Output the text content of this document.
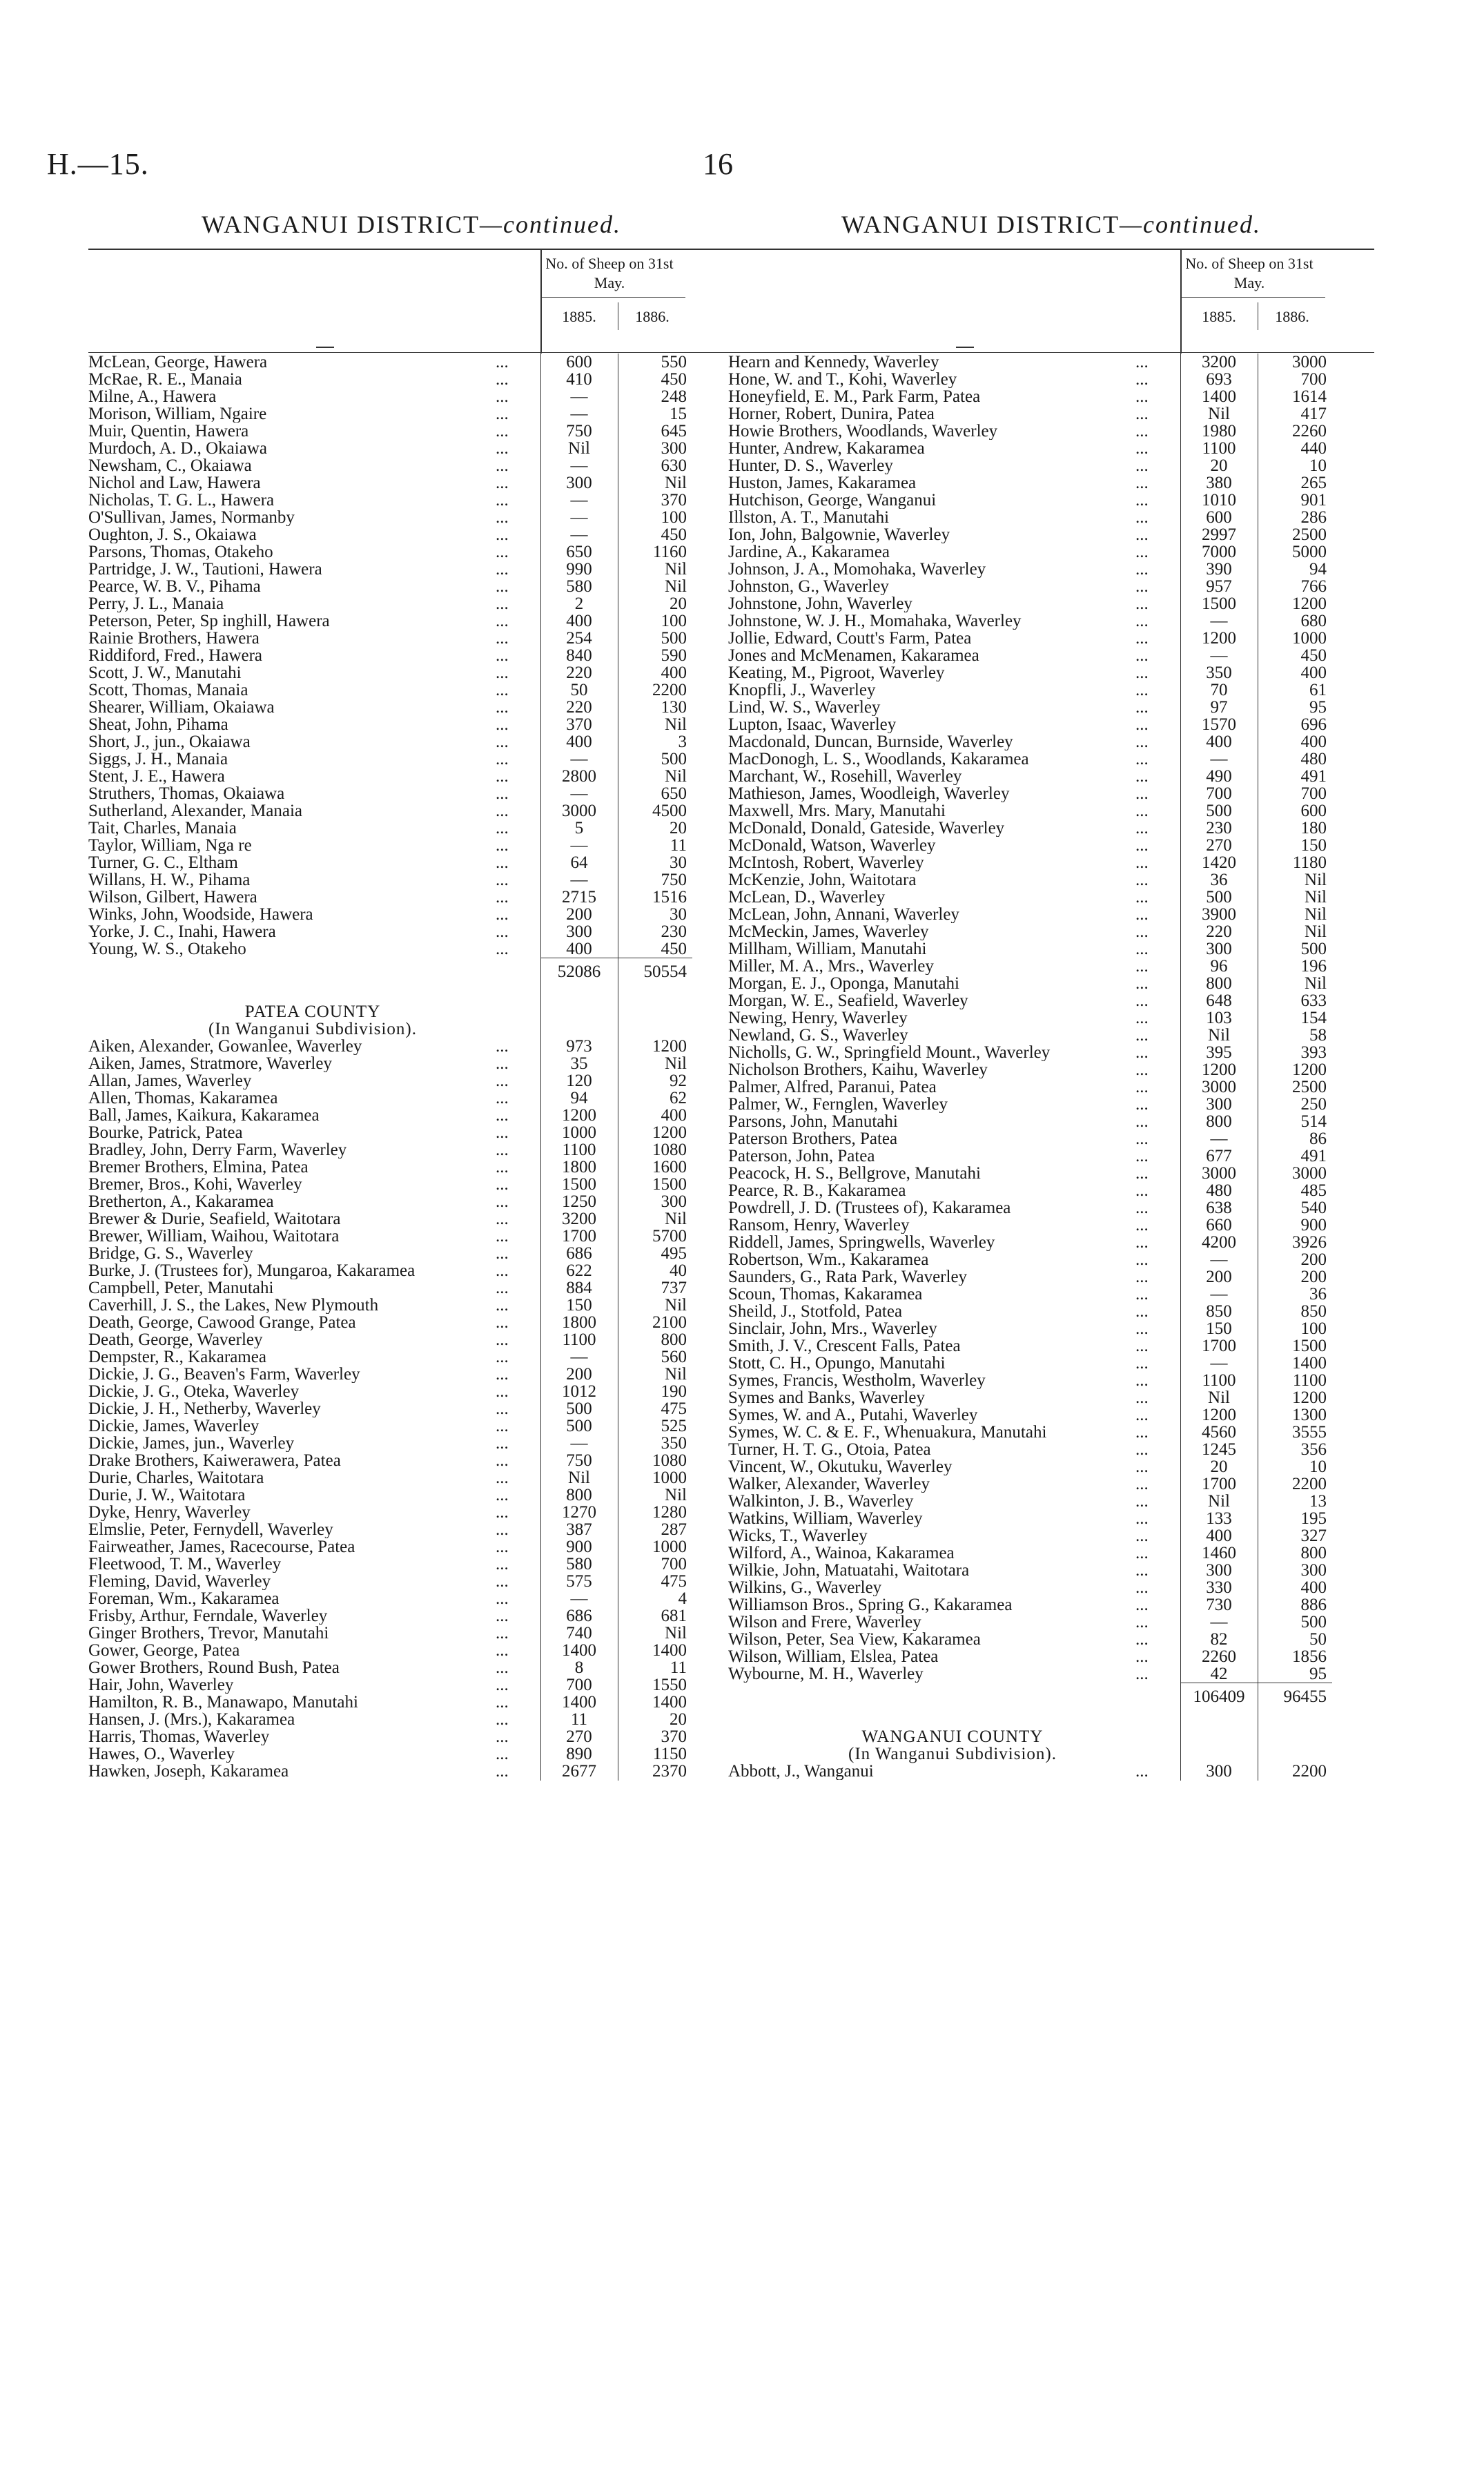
H.—15.	16
WANGANUI DISTRICT—continued.
No. of Sheep on 31st May.
1885.	1886.
McLean, George, Hawera	...	600	550
McRae, R. E., Manaia	...	410	450
Milne, A., Hawera	...	—	248
Morison, William, Ngaire	...	—	15
Muir, Quentin, Hawera	...	750	645
Murdoch, A. D., Okaiawa	...	Nil	300
Newsham, C., Okaiawa	...	—	630
Nichol and Law, Hawera	...	300	Nil
Nicholas, T. G. L., Hawera	...	—	370
O'Sullivan, James, Normanby	...	—	100
Oughton, J. S., Okaiawa	...	—	450
Parsons, Thomas, Otakeho	...	650	1160
Partridge, J. W., Tautioni, Hawera	...	990	Nil
Pearce, W. B. V., Pihama	...	580	Nil
Perry, J. L., Manaia	...	2	20
Peterson, Peter, Sp inghill, Hawera	...	400	100
Rainie Brothers, Hawera	...	254	500
Riddiford, Fred., Hawera	...	840	590
Scott, J. W., Manutahi	...	220	400
Scott, Thomas, Manaia	...	50	2200
Shearer, William, Okaiawa	...	220	130
Sheat, John, Pihama	...	370	Nil
Short, J., jun., Okaiawa	...	400	3
Siggs, J. H., Manaia	...	—	500
Stent, J. E., Hawera	...	2800	Nil
Struthers, Thomas, Okaiawa	...	—	650
Sutherland, Alexander, Manaia	...	3000	4500
Tait, Charles, Manaia	...	5	20
Taylor, William, Nga re	...	—	11
Turner, G. C., Eltham	...	64	30
Willans, H. W., Pihama	...	—	750
Wilson, Gilbert, Hawera	...	2715	1516
Winks, John, Woodside, Hawera	...	200	30
Yorke, J. C., Inahi, Hawera	...	300	230
Young, W. S., Otakeho	...	400	450
52086	50554
PATEA COUNTY
(In Wanganui Subdivision).
Aiken, Alexander, Gowanlee, Waverley	...	973	1200
Aiken, James, Stratmore, Waverley	...	35	Nil
Allan, James, Waverley	...	120	92
Allen, Thomas, Kakaramea	...	94	62
Ball, James, Kaikura, Kakaramea	...	1200	400
Bourke, Patrick, Patea	...	1000	1200
Bradley, John, Derry Farm, Waverley	...	1100	1080
Bremer Brothers, Elmina, Patea	...	1800	1600
Bremer, Bros., Kohi, Waverley	...	1500	1500
Bretherton, A., Kakaramea	...	1250	300
Brewer & Durie, Seafield, Waitotara	...	3200	Nil
Brewer, William, Waihou, Waitotara	...	1700	5700
Bridge, G. S., Waverley	...	686	495
Burke, J. (Trustees for), Mungaroa, Kakaramea	...	622	40
Campbell, Peter, Manutahi	...	884	737
Caverhill, J. S., the Lakes, New Plymouth	...	150	Nil
Death, George, Cawood Grange, Patea	...	1800	2100
Death, George, Waverley	...	1100	800
Dempster, R., Kakaramea	...	—	560
Dickie, J. G., Beaven's Farm, Waverley	...	200	Nil
Dickie, J. G., Oteka, Waverley	...	1012	190
Dickie, J. H., Netherby, Waverley	...	500	475
Dickie, James, Waverley	...	500	525
Dickie, James, jun., Waverley	...	—	350
Drake Brothers, Kaiwerawera, Patea	...	750	1080
Durie, Charles, Waitotara	...	Nil	1000
Durie, J. W., Waitotara	...	800	Nil
Dyke, Henry, Waverley	...	1270	1280
Elmslie, Peter, Fernydell, Waverley	...	387	287
Fairweather, James, Racecourse, Patea	...	900	1000
Fleetwood, T. M., Waverley	...	580	700
Fleming, David, Waverley	...	575	475
Foreman, Wm., Kakaramea	...	—	4
Frisby, Arthur, Ferndale, Waverley	...	686	681
Ginger Brothers, Trevor, Manutahi	...	740	Nil
Gower, George, Patea	...	1400	1400
Gower Brothers, Round Bush, Patea	...	8	11
Hair, John, Waverley	...	700	1550
Hamilton, R. B., Manawapo, Manutahi	...	1400	1400
Hansen, J. (Mrs.), Kakaramea	...	11	20
Harris, Thomas, Waverley	...	270	370
Hawes, O., Waverley	...	890	1150
Hawken, Joseph, Kakaramea	...	2677	2370
WANGANUI DISTRICT—continued.
No. of Sheep on 31st May.
1885.	1886.
Hearn and Kennedy, Waverley	...	3200	3000
Hone, W. and T., Kohi, Waverley	...	693	700
Honeyfield, E. M., Park Farm, Patea	...	1400	1614
Horner, Robert, Dunira, Patea	...	Nil	417
Howie Brothers, Woodlands, Waverley	...	1980	2260
Hunter, Andrew, Kakaramea	...	1100	440
Hunter, D. S., Waverley	...	20	10
Huston, James, Kakaramea	...	380	265
Hutchison, George, Wanganui	...	1010	901
Illston, A. T., Manutahi	...	600	286
Ion, John, Balgownie, Waverley	...	2997	2500
Jardine, A., Kakaramea	...	7000	5000
Johnson, J. A., Momohaka, Waverley	...	390	94
Johnston, G., Waverley	...	957	766
Johnstone, John, Waverley	...	1500	1200
Johnstone, W. J. H., Momahaka, Waverley	...	—	680
Jollie, Edward, Coutt's Farm, Patea	...	1200	1000
Jones and McMenamen, Kakaramea	...	—	450
Keating, M., Pigroot, Waverley	...	350	400
Knopfli, J., Waverley	...	70	61
Lind, W. S., Waverley	...	97	95
Lupton, Isaac, Waverley	...	1570	696
Macdonald, Duncan, Burnside, Waverley	...	400	400
MacDonogh, L. S., Woodlands, Kakaramea	...	—	480
Marchant, W., Rosehill, Waverley	...	490	491
Mathieson, James, Woodleigh, Waverley	...	700	700
Maxwell, Mrs. Mary, Manutahi	...	500	600
McDonald, Donald, Gateside, Waverley	...	230	180
McDonald, Watson, Waverley	...	270	150
McIntosh, Robert, Waverley	...	1420	1180
McKenzie, John, Waitotara	...	36	Nil
McLean, D., Waverley	...	500	Nil
McLean, John, Annani, Waverley	...	3900	Nil
McMeckin, James, Waverley	...	220	Nil
Millham, William, Manutahi	...	300	500
Miller, M. A., Mrs., Waverley	...	96	196
Morgan, E. J., Oponga, Manutahi	...	800	Nil
Morgan, W. E., Seafield, Waverley	...	648	633
Newing, Henry, Waverley	...	103	154
Newland, G. S., Waverley	...	Nil	58
Nicholls, G. W., Springfield Mount., Waverley	...	395	393
Nicholson Brothers, Kaihu, Waverley	...	1200	1200
Palmer, Alfred, Paranui, Patea	...	3000	2500
Palmer, W., Fernglen, Waverley	...	300	250
Parsons, John, Manutahi	...	800	514
Paterson Brothers, Patea	...	—	86
Paterson, John, Patea	...	677	491
Peacock, H. S., Bellgrove, Manutahi	...	3000	3000
Pearce, R. B., Kakaramea	...	480	485
Powdrell, J. D. (Trustees of), Kakaramea	...	638	540
Ransom, Henry, Waverley	...	660	900
Riddell, James, Springwells, Waverley	...	4200	3926
Robertson, Wm., Kakaramea	...	—	200
Saunders, G., Rata Park, Waverley	...	200	200
Scoun, Thomas, Kakaramea	...	—	36
Sheild, J., Stotfold, Patea	...	850	850
Sinclair, John, Mrs., Waverley	...	150	100
Smith, J. V., Crescent Falls, Patea	...	1700	1500
Stott, C. H., Opungo, Manutahi	...	—	1400
Symes, Francis, Westholm, Waverley	...	1100	1100
Symes and Banks, Waverley	...	Nil	1200
Symes, W. and A., Putahi, Waverley	...	1200	1300
Symes, W. C. & E. F., Whenuakura, Manutahi	...	4560	3555
Turner, H. T. G., Otoia, Patea	...	1245	356
Vincent, W., Okutuku, Waverley	...	20	10
Walker, Alexander, Waverley	...	1700	2200
Walkinton, J. B., Waverley	...	Nil	13
Watkins, William, Waverley	...	133	195
Wicks, T., Waverley	...	400	327
Wilford, A., Wainoa, Kakaramea	...	1460	800
Wilkie, John, Matuatahi, Waitotara	...	300	300
Wilkins, G., Waverley	...	330	400
Williamson Bros., Spring G., Kakaramea	...	730	886
Wilson and Frere, Waverley	...	—	500
Wilson, Peter, Sea View, Kakaramea	...	82	50
Wilson, William, Elslea, Patea	...	2260	1856
Wybourne, M. H., Waverley	...	42	95
106409	96455
WANGANUI COUNTY
(In Wanganui Subdivision).
Abbott, J., Wanganui	...	300	2200
